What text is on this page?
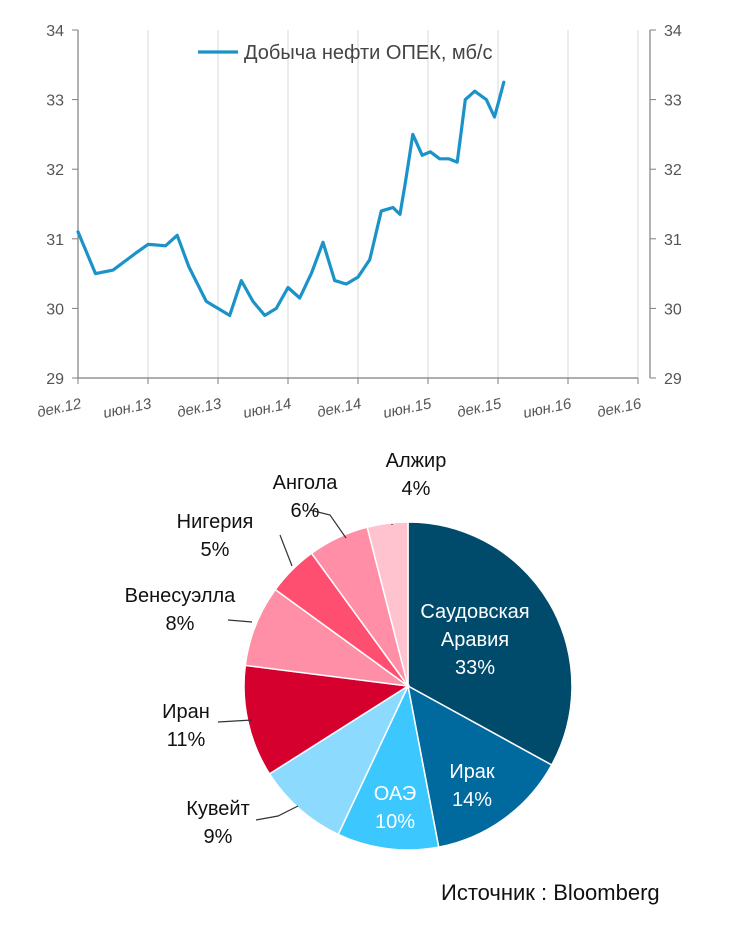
29	29
30	30
31	31
32	32
33	33
34	34
дек.12 июн.13 дек.13 июн.14 дек.14 июн.15 дек.15 июн.16 дек.16
Добыча нефти ОПЕК, мб/с
Саудовская
Аравия
33%
Ирак
14%
ОАЭ
10%
Кувейт
9%
Иран
11%
Венесуэлла
8%
Нигерия
5%
Ангола
6%
Алжир
4%
Источник : Bloomberg
